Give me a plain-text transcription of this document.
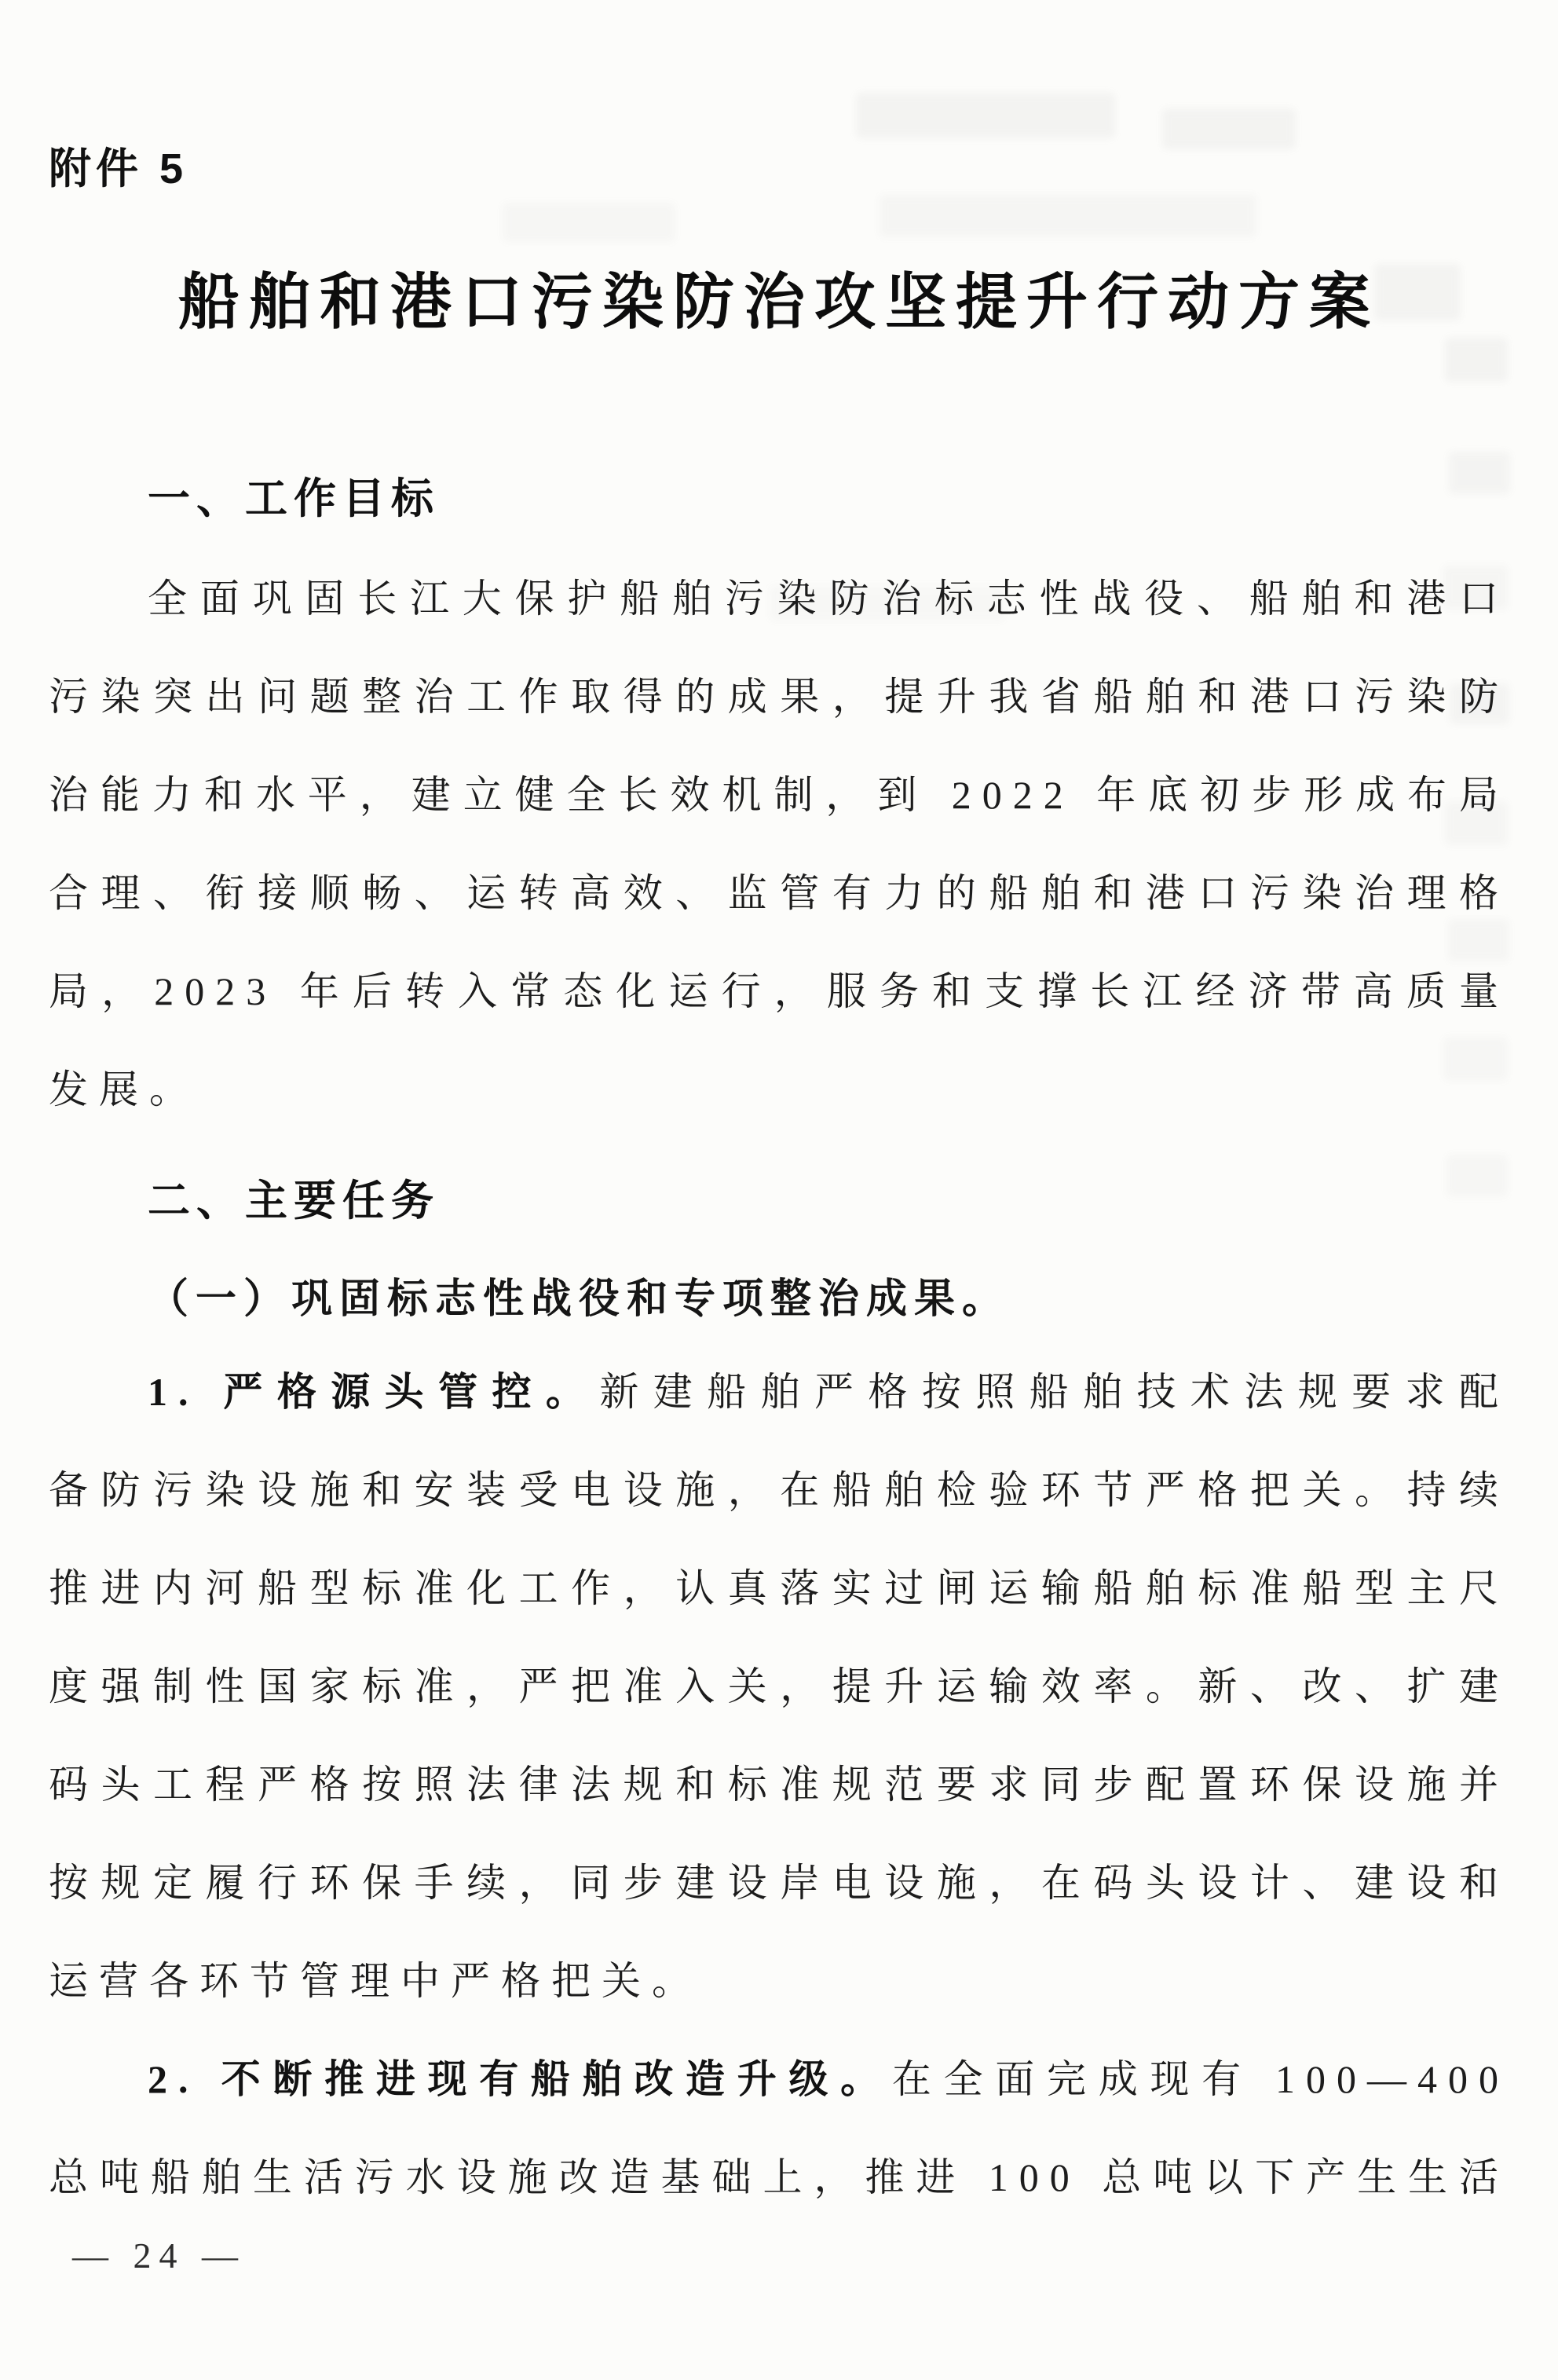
附件 5
船舶和港口污染防治攻坚提升行动方案
一、工作目标
全面巩固长江大保护船舶污染防治标志性战役、船舶和港口
污染突出问题整治工作取得的成果，提升我省船舶和港口污染防
治能力和水平，建立健全长效机制，到 2022 年底初步形成布局
合理、衔接顺畅、运转高效、监管有力的船舶和港口污染治理格
局，2023 年后转入常态化运行，服务和支撑长江经济带高质量
发展。
二、主要任务
（一）巩固标志性战役和专项整治成果。
1. 严格源头管控。新建船舶严格按照船舶技术法规要求配
备防污染设施和安装受电设施，在船舶检验环节严格把关。持续
推进内河船型标准化工作，认真落实过闸运输船舶标准船型主尺
度强制性国家标准，严把准入关，提升运输效率。新、改、扩建
码头工程严格按照法律法规和标准规范要求同步配置环保设施并
按规定履行环保手续，同步建设岸电设施，在码头设计、建设和
运营各环节管理中严格把关。
2. 不断推进现有船舶改造升级。在全面完成现有 100—400
总吨船舶生活污水设施改造基础上，推进 100 总吨以下产生生活
— 24 —
